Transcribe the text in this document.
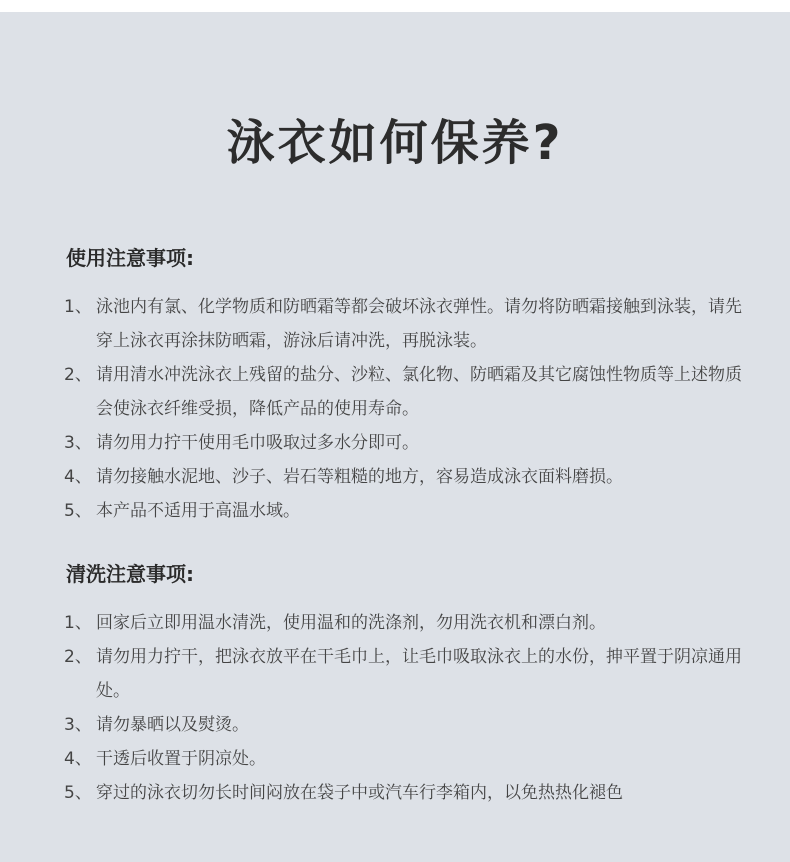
泳衣如何保养?
使用注意事项:
1、 泳池内有氯、化学物质和防晒霜等都会破坏泳衣弹性。请勿将防晒霜接触到泳装，请先穿上泳衣再涂抹防晒霜，游泳后请冲洗，再脱泳装。
2、 请用清水冲洗泳衣上残留的盐分、沙粒、氯化物、防晒霜及其它腐蚀性物质等上述物质会使泳衣纤维受损，降低产品的使用寿命。
3、 请勿用力拧干使用毛巾吸取过多水分即可。
4、 请勿接触水泥地、沙子、岩石等粗糙的地方，容易造成泳衣面料磨损。
5、 本产品不适用于高温水域。
清洗注意事项:
1、 回家后立即用温水清洗，使用温和的洗涤剂，勿用洗衣机和漂白剂。
2、 请勿用力拧干，把泳衣放平在干毛巾上，让毛巾吸取泳衣上的水份，抻平置于阴凉通用处。
3、 请勿暴晒以及熨烫。
4、 干透后收置于阴凉处。
5、 穿过的泳衣切勿长时间闷放在袋子中或汽车行李箱内，以免热热化褪色
